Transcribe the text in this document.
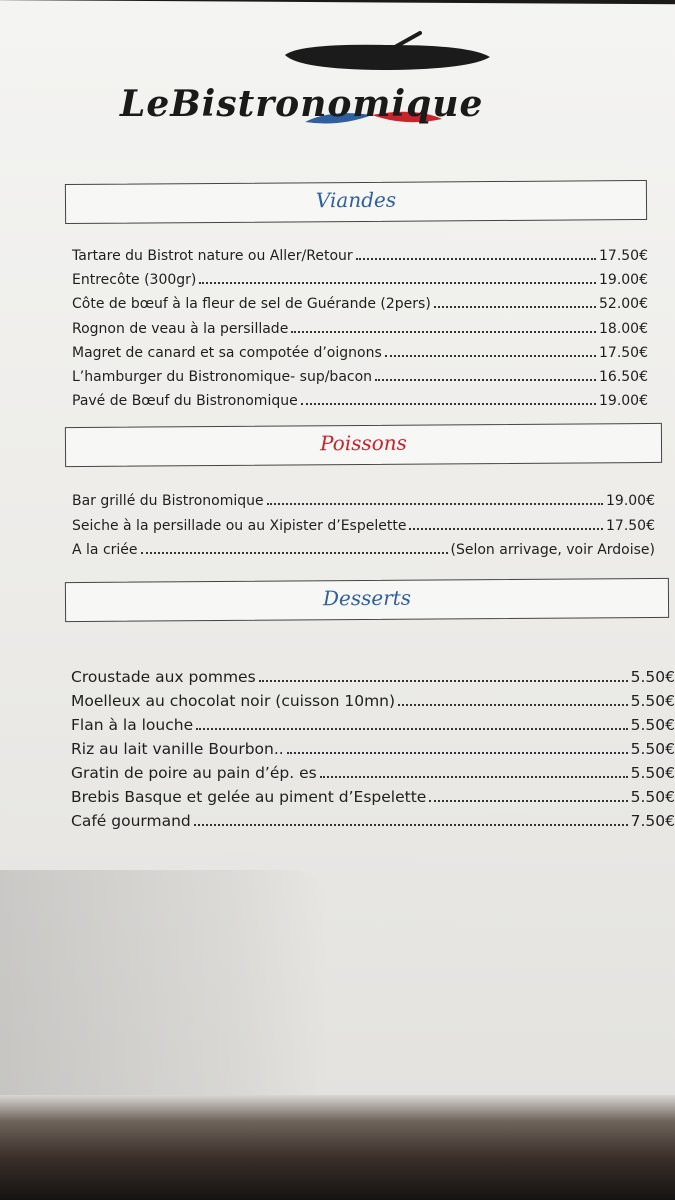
LeBistronomique
Viandes
Tartare du Bistrot nature ou Aller/Retour	17.50€
Entrecôte (300gr)	19.00€
Côte de bœuf à la fleur de sel de Guérande (2pers)	52.00€
Rognon de veau à la persillade	18.00€
Magret de canard et sa compotée d’oignons	17.50€
L’hamburger du Bistronomique- sup/bacon	16.50€
Pavé de Bœuf du Bistronomique	19.00€
Poissons
Bar grillé du Bistronomique	19.00€
Seiche à la persillade ou au Xipister d’Espelette	17.50€
A la criée	(Selon arrivage, voir Ardoise)
Desserts
Croustade aux pommes	5.50€
Moelleux au chocolat noir (cuisson 10mn)	5.50€
Flan à la louche	5.50€
Riz au lait vanille Bourbon..	5.50€
Gratin de poire au pain d’ép. es	5.50€
Brebis Basque et gelée au piment d’Espelette	5.50€
Café gourmand	7.50€
